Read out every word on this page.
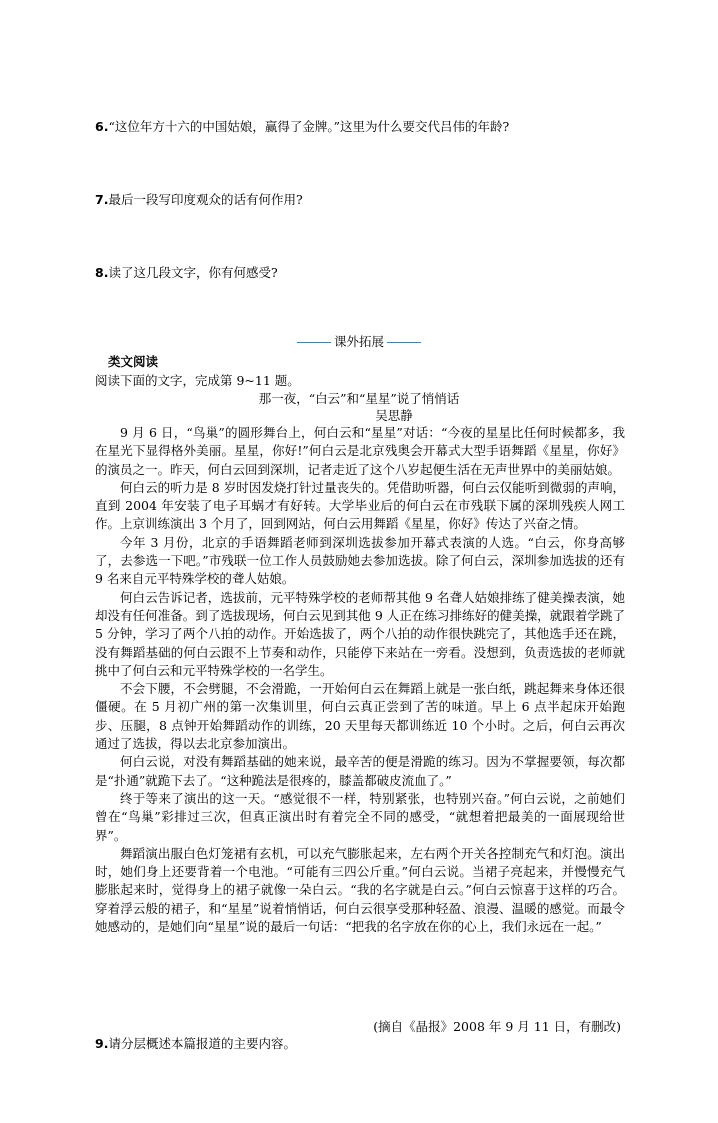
6.“这位年方十六的中国姑娘，赢得了金牌。”这里为什么要交代吕伟的年龄?
7.最后一段写印度观众的话有何作用?
8.读了这几段文字，你有何感受?
课外拓展
类文阅读
阅读下面的文字，完成第 9~11 题。
那一夜，“白云”和“星星”说了悄悄话
吴思静

9 月 6 日，“鸟巢”的圆形舞台上，何白云和“星星”对话：“今夜的星星比任何时候都多，我在星光下显得格外美丽。星星，你好!”何白云是北京残奥会开幕式大型手语舞蹈《星星，你好》的演员之一。昨天，何白云回到深圳，记者走近了这个八岁起便生活在无声世界中的美丽姑娘。

何白云的听力是 8 岁时因发烧打针过量丧失的。凭借助听器，何白云仅能听到微弱的声响，直到 2004 年安装了电子耳蜗才有好转。大学毕业后的何白云在市残联下属的深圳残疾人网工作。上京训练演出 3 个月了，回到网站，何白云用舞蹈《星星，你好》传达了兴奋之情。

今年 3 月份，北京的手语舞蹈老师到深圳选拔参加开幕式表演的人选。“白云，你身高够了，去参选一下吧。”市残联一位工作人员鼓励她去参加选拔。除了何白云，深圳参加选拔的还有 9 名来自元平特殊学校的聋人姑娘。

何白云告诉记者，选拔前，元平特殊学校的老师帮其他 9 名聋人姑娘排练了健美操表演，她却没有任何准备。到了选拔现场，何白云见到其他 9 人正在练习排练好的健美操，就跟着学跳了 5 分钟，学习了两个八拍的动作。开始选拔了，两个八拍的动作很快跳完了，其他选手还在跳，没有舞蹈基础的何白云跟不上节奏和动作，只能停下来站在一旁看。没想到，负责选拔的老师就挑中了何白云和元平特殊学校的一名学生。

不会下腰，不会劈腿，不会滑跪，一开始何白云在舞蹈上就是一张白纸，跳起舞来身体还很僵硬。在 5 月初广州的第一次集训里，何白云真正尝到了苦的味道。早上 6 点半起床开始跑步、压腿，8 点钟开始舞蹈动作的训练，20 天里每天都训练近 10 个小时。之后，何白云再次通过了选拔，得以去北京参加演出。

何白云说，对没有舞蹈基础的她来说，最辛苦的便是滑跪的练习。因为不掌握要领，每次都是“扑通”就跪下去了。“这种跪法是很疼的，膝盖都破皮流血了。”

终于等来了演出的这一天。“感觉很不一样，特别紧张，也特别兴奋。”何白云说，之前她们曾在“鸟巢”彩排过三次，但真正演出时有着完全不同的感受，“就想着把最美的一面展现给世界”。

舞蹈演出服白色灯笼裙有玄机，可以充气膨胀起来，左右两个开关各控制充气和灯泡。演出时，她们身上还要背着一个电池。“可能有三四公斤重。”何白云说。当裙子亮起来，并慢慢充气膨胀起来时，觉得身上的裙子就像一朵白云。“我的名字就是白云。”何白云惊喜于这样的巧合。穿着浮云般的裙子，和“星星”说着悄悄话，何白云很享受那种轻盈、浪漫、温暖的感觉。而最令她感动的，是她们向“星星”说的最后一句话：“把我的名字放在你的心上，我们永远在一起。”

(摘自《晶报》2008 年 9 月 11 日，有删改)
9.请分层概述本篇报道的主要内容。
